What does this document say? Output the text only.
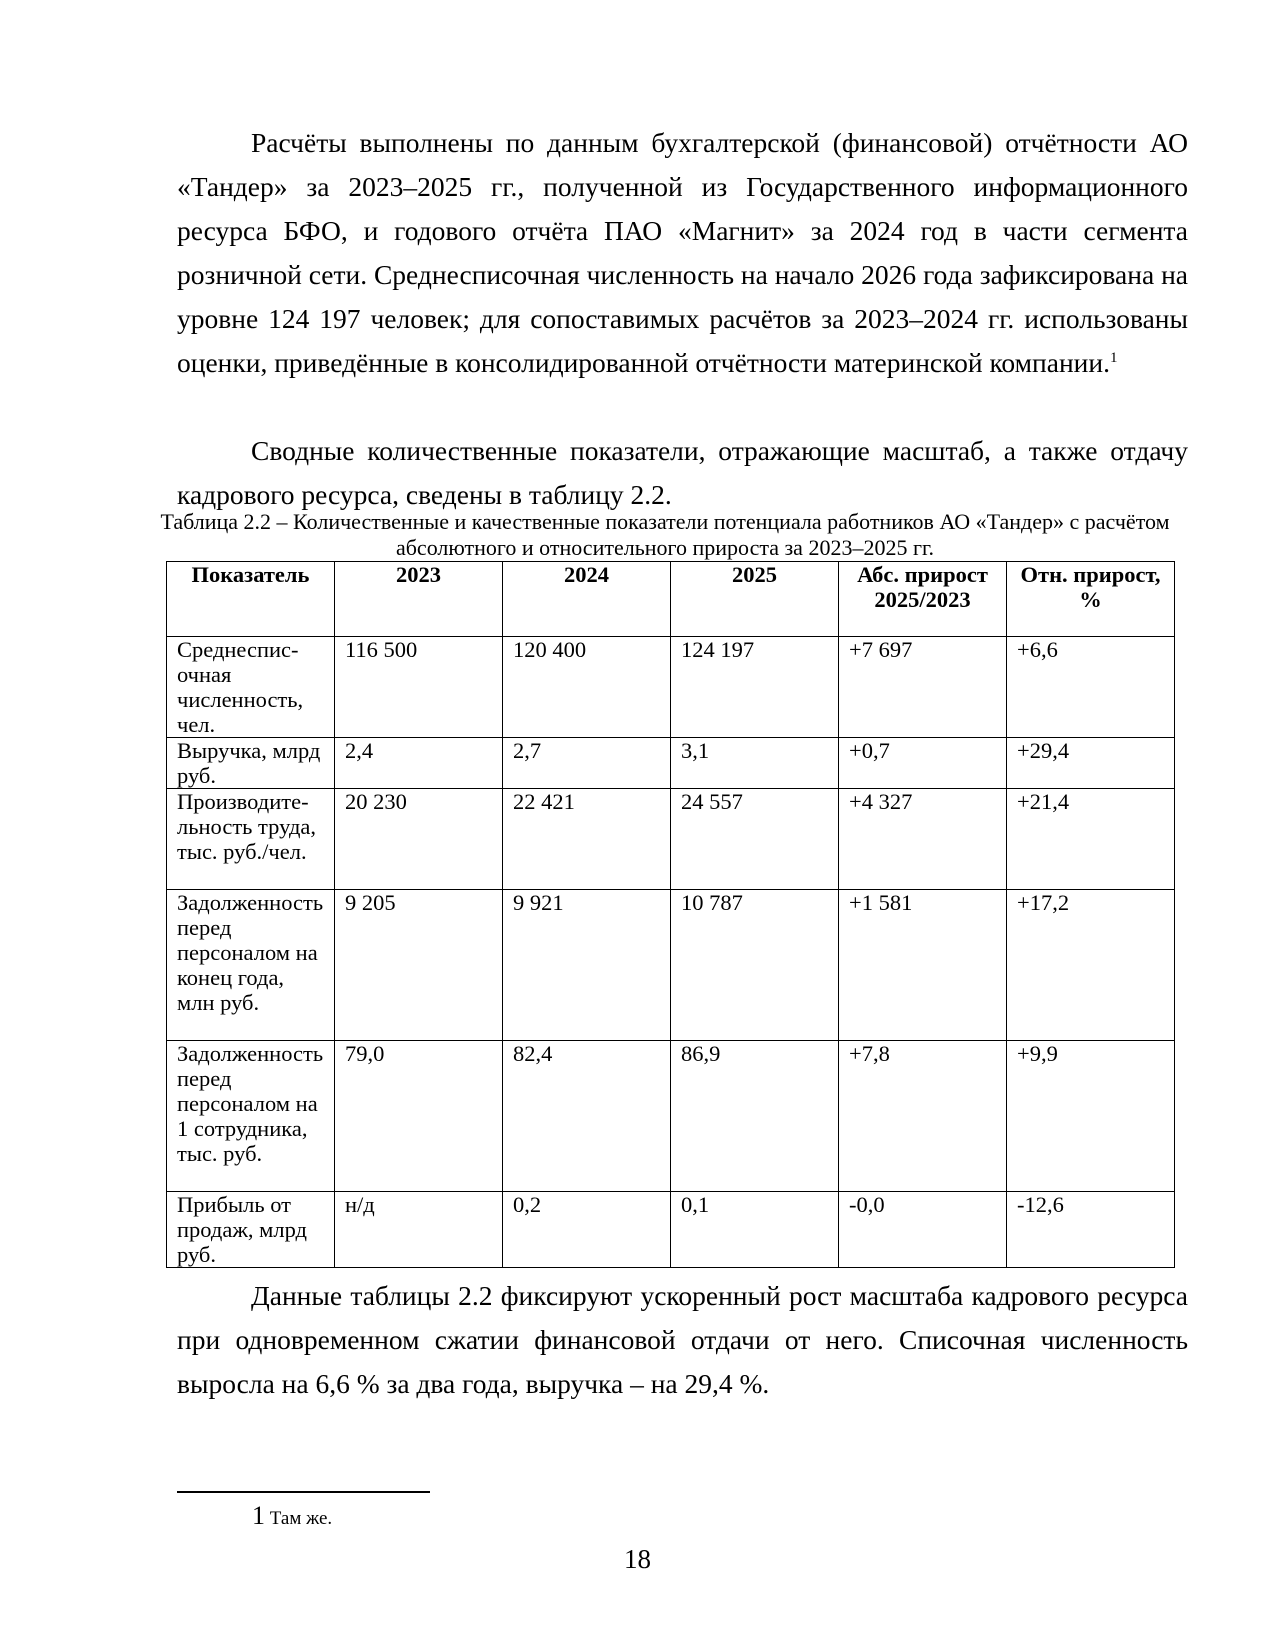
Расчёты выполнены по данным бухгалтерской (финансовой) отчётности АО «Тандер» за 2023–2025 гг., полученной из Государственного информационного ресурса БФО, и годового отчёта ПАО «Магнит» за 2024 год в части сегмента розничной сети. Среднесписочная численность на начало 2026 года зафиксирована на уровне 124 197 человек; для сопоставимых расчётов за 2023–2024 гг. использованы оценки, приведённые в консолидированной отчётности материнской компании.$^1$

Сводные количественные показатели, отражающие масштаб, а также отдачу кадрового ресурса, сведены в таблицу 2.2.

Таблица 2.2 – Количественные и качественные показатели потенциала работников АО «Тандер» с расчётом абсолютного и относительного прироста за 2023–2025 гг.
Показатель	2023	2024	2025	Абс. прирост 2025/2023	Отн. прирост, %
Среднесписочная численность, чел.	116 500	120 400	124 197	+7 697	+6,6
Выручка, млрд руб.	2,4	2,7	3,1	+0,7	+29,4
Производительность труда, тыс. руб./чел.	20 230	22 421	24 557	+4 327	+21,4
Задолженность перед персоналом на конец года, млн руб.	9 205	9 921	10 787	+1 581	+17,2
Задолженность перед персоналом на 1 сотрудника, тыс. руб.	79,0	82,4	86,9	+7,8	+9,9
Прибыль от продаж, млрд руб.	н/д	0,2	0,1	-0,0	-12,6

Данные таблицы 2.2 фиксируют ускоренный рост масштаба кадрового ресурса при одновременном сжатии финансовой отдачи от него. Списочная численность выросла на 6,6 % за два года, выручка – на 29,4 %.

1 Там же.
18
